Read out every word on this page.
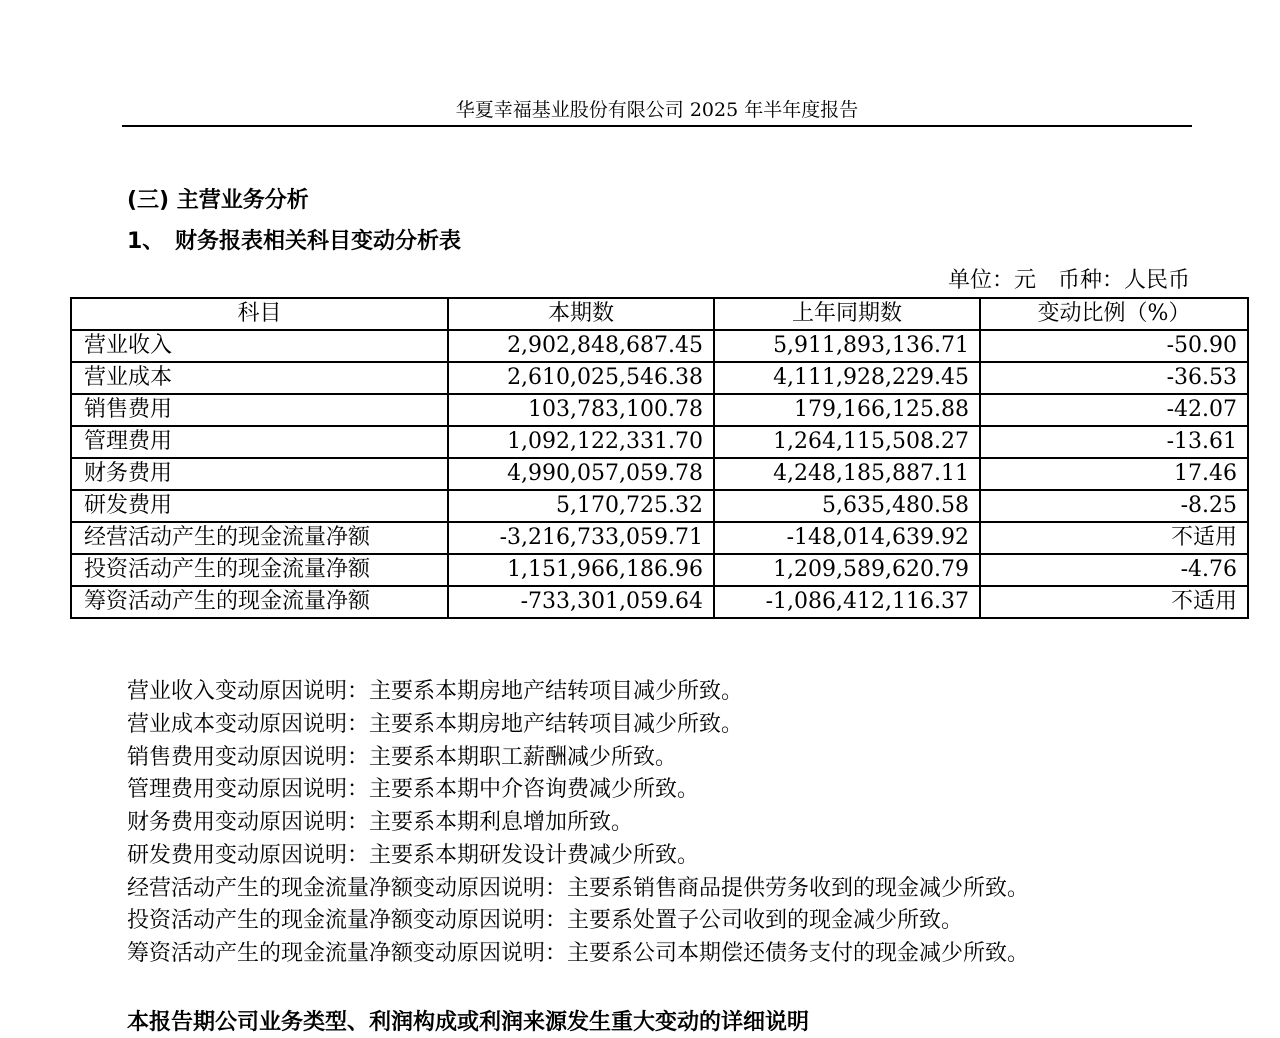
华夏幸福基业股份有限公司 2025 年半年度报告
(三) 主营业务分析
1、 财务报表相关科目变动分析表
单位：元　币种：人民币
科目	本期数	上年同期数	变动比例（%）
营业收入	2,902,848,687.45	5,911,893,136.71	-50.90
营业成本	2,610,025,546.38	4,111,928,229.45	-36.53
销售费用	103,783,100.78	179,166,125.88	-42.07
管理费用	1,092,122,331.70	1,264,115,508.27	-13.61
财务费用	4,990,057,059.78	4,248,185,887.11	17.46
研发费用	5,170,725.32	5,635,480.58	-8.25
经营活动产生的现金流量净额	-3,216,733,059.71	-148,014,639.92	不适用
投资活动产生的现金流量净额	1,151,966,186.96	1,209,589,620.79	-4.76
筹资活动产生的现金流量净额	-733,301,059.64	-1,086,412,116.37	不适用
营业收入变动原因说明：主要系本期房地产结转项目减少所致。
营业成本变动原因说明：主要系本期房地产结转项目减少所致。
销售费用变动原因说明：主要系本期职工薪酬减少所致。
管理费用变动原因说明：主要系本期中介咨询费减少所致。
财务费用变动原因说明：主要系本期利息增加所致。
研发费用变动原因说明：主要系本期研发设计费减少所致。
经营活动产生的现金流量净额变动原因说明：主要系销售商品提供劳务收到的现金减少所致。
投资活动产生的现金流量净额变动原因说明：主要系处置子公司收到的现金减少所致。
筹资活动产生的现金流量净额变动原因说明：主要系公司本期偿还债务支付的现金减少所致。
本报告期公司业务类型、利润构成或利润来源发生重大变动的详细说明
